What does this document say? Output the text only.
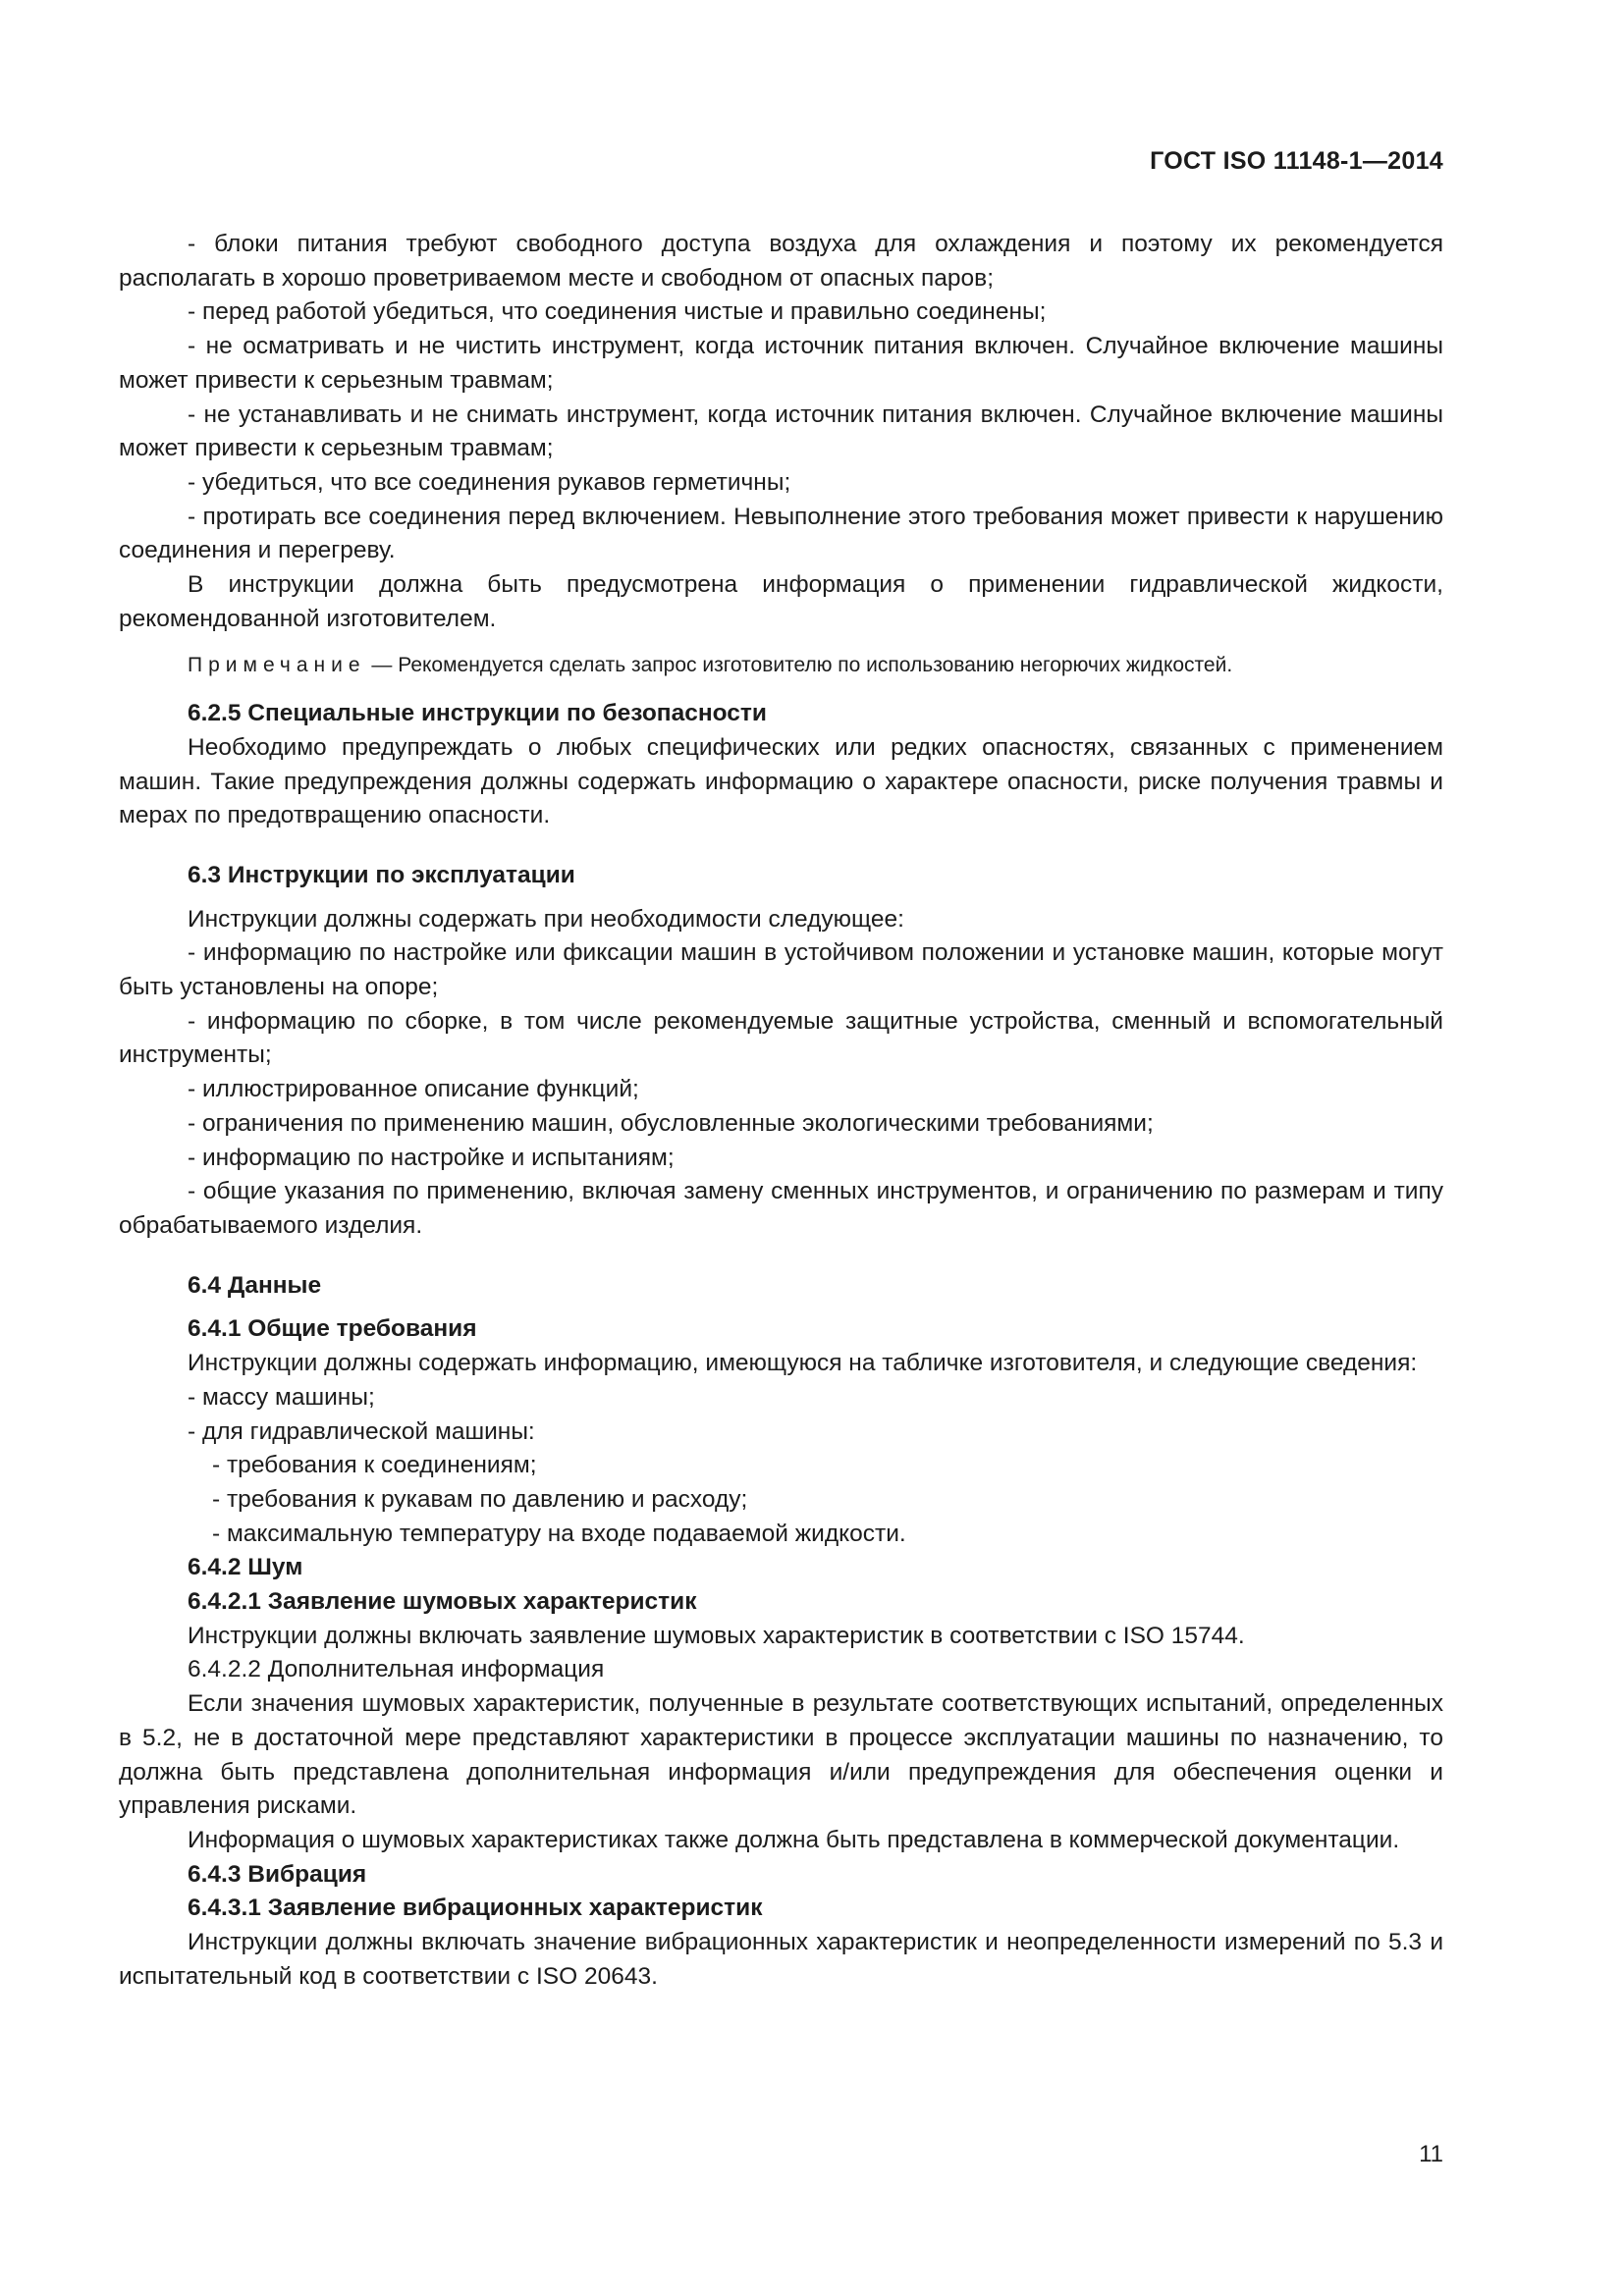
ГОСТ ISO 11148-1—2014

- блоки питания требуют свободного доступа воздуха для охлаждения и поэтому их рекомендуется располагать в хорошо проветриваемом месте и свободном от опасных паров;

- перед работой убедиться, что соединения чистые и правильно соединены;

- не осматривать и не чистить инструмент, когда источник питания включен. Случайное включение машины может привести к серьезным травмам;

- не устанавливать и не снимать инструмент, когда источник питания включен. Случайное включение машины может привести к серьезным травмам;

- убедиться, что все соединения рукавов герметичны;

- протирать все соединения перед включением. Невыполнение этого требования может привести к нарушению соединения и перегреву.

В инструкции должна быть предусмотрена информация о применении гидравлической жидкости, рекомендованной изготовителем.

Примечание — Рекомендуется сделать запрос изготовителю по использованию негорючих жидкостей.

6.2.5 Специальные инструкции по безопасности

Необходимо предупреждать о любых специфических или редких опасностях, связанных с применением машин. Такие предупреждения должны содержать информацию о характере опасности, риске получения травмы и мерах по предотвращению опасности.

6.3 Инструкции по эксплуатации

Инструкции должны содержать при необходимости следующее:

- информацию по настройке или фиксации машин в устойчивом положении и установке машин, которые могут быть установлены на опоре;

- информацию по сборке, в том числе рекомендуемые защитные устройства, сменный и вспомогательный инструменты;

- иллюстрированное описание функций;

- ограничения по применению машин, обусловленные экологическими требованиями;

- информацию по настройке и испытаниям;

- общие указания по применению, включая замену сменных инструментов, и ограничению по размерам и типу обрабатываемого изделия.

6.4 Данные
6.4.1 Общие требования

Инструкции должны содержать информацию, имеющуюся на табличке изготовителя, и следующие сведения:

- массу машины;

- для гидравлической машины:

- требования к соединениям;

- требования к рукавам по давлению и расходу;

- максимальную температуру на входе подаваемой жидкости.

6.4.2 Шум
6.4.2.1 Заявление шумовых характеристик

Инструкции должны включать заявление шумовых характеристик в соответствии с ISO 15744.

6.4.2.2 Дополнительная информация

Если значения шумовых характеристик, полученные в результате соответствующих испытаний, определенных в 5.2, не в достаточной мере представляют характеристики в процессе эксплуатации машины по назначению, то должна быть представлена дополнительная информация и/или предупреждения для обеспечения оценки и управления рисками.

Информация о шумовых характеристиках также должна быть представлена в коммерческой документации.

6.4.3 Вибрация
6.4.3.1 Заявление вибрационных характеристик

Инструкции должны включать значение вибрационных характеристик и неопределенности измерений по 5.3 и испытательный код в соответствии с ISO 20643.

11
